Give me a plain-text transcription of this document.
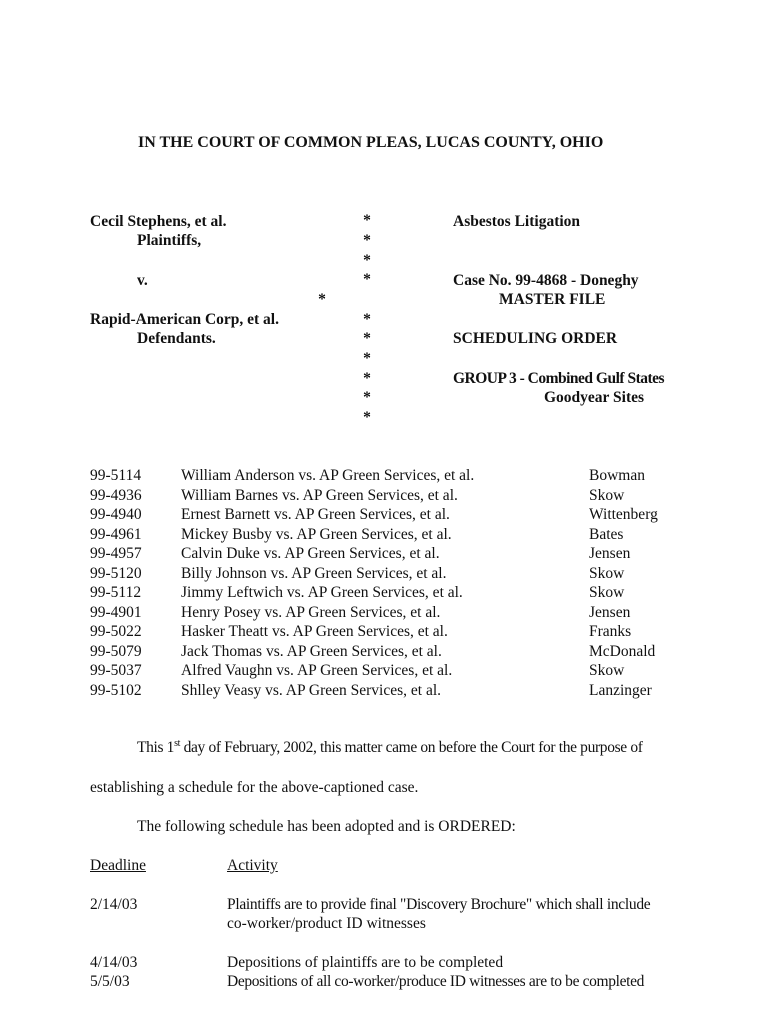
IN THE COURT OF COMMON PLEAS, LUCAS COUNTY, OHIO
Cecil Stephens, et al.
Plaintiffs,
v.
Rapid-American Corp, et al.
Defendants.
*
*
*
*
*
*
*
*
*
*
*
Asbestos Litigation
Case No. 99-4868 - Doneghy
MASTER FILE
SCHEDULING ORDER
GROUP 3 - Combined Gulf States
Goodyear Sites
99-5114	William Anderson vs. AP Green Services, et al.	Bowman
99-4936	William Barnes vs. AP Green Services, et al.	Skow
99-4940	Ernest Barnett vs. AP Green Services, et al.	Wittenberg
99-4961	Mickey Busby vs. AP Green Services, et al.	Bates
99-4957	Calvin Duke vs. AP Green Services, et al.	Jensen
99-5120	Billy Johnson vs. AP Green Services, et al.	Skow
99-5112	Jimmy Leftwich vs. AP Green Services, et al.	Skow
99-4901	Henry Posey vs. AP Green Services, et al.	Jensen
99-5022	Hasker Theatt vs. AP Green Services, et al.	Franks
99-5079	Jack Thomas vs. AP Green Services, et al.	McDonald
99-5037	Alfred Vaughn vs. AP Green Services, et al.	Skow
99-5102	Shlley Veasy vs. AP Green Services, et al.	Lanzinger
This 1st day of February, 2002, this matter came on before the Court for the purpose of
establishing a schedule for the above-captioned case.
The following schedule has been adopted and is ORDERED:
Deadline	Activity
2/14/03	Plaintiffs are to provide final "Discovery Brochure" which shall include
co-worker/product ID witnesses
4/14/03	Depositions of plaintiffs are to be completed
5/5/03	Depositions of all co-worker/produce ID witnesses are to be completed
